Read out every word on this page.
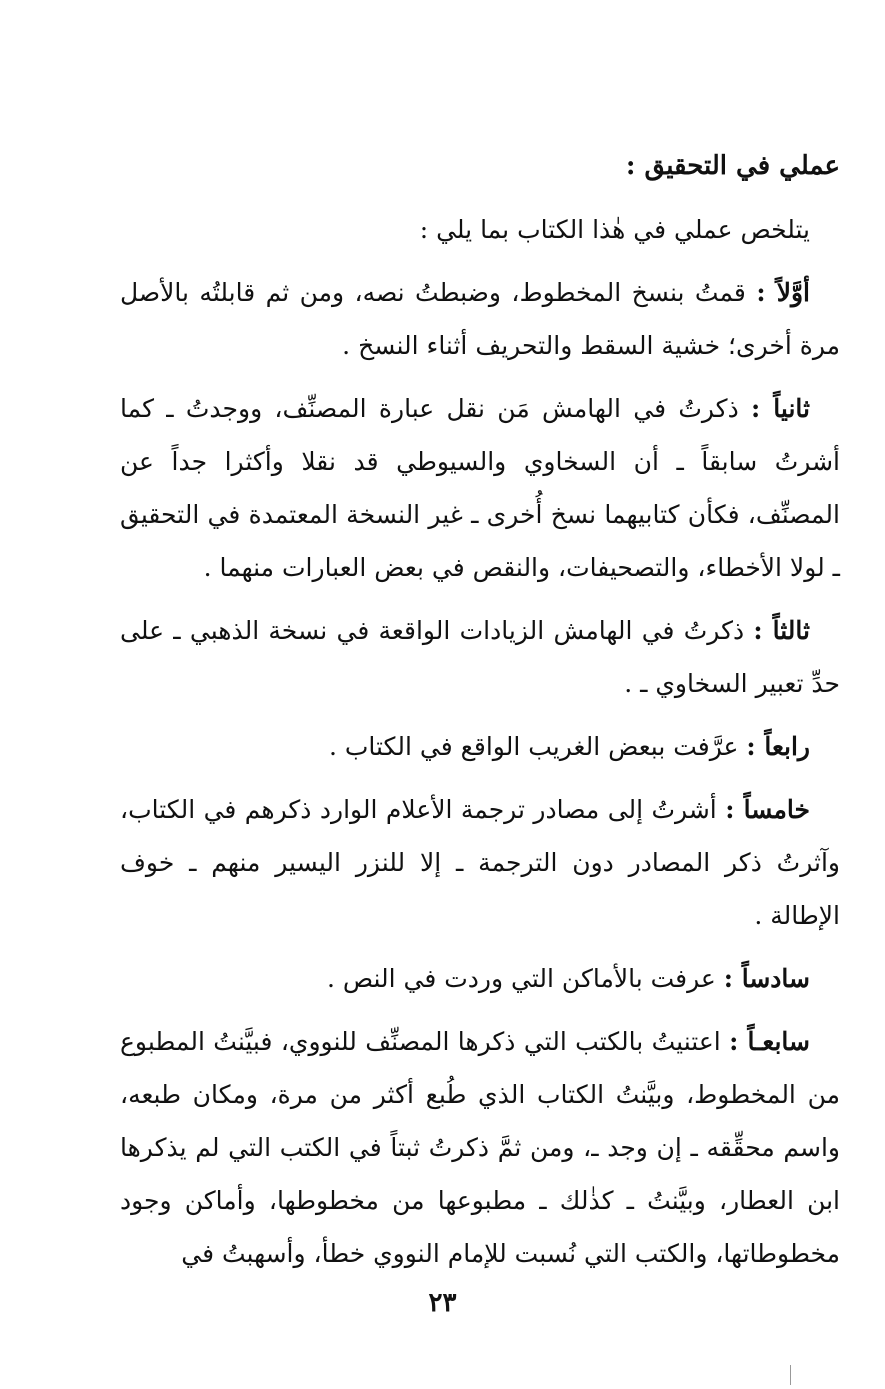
عملي في التحقيق :

يتلخص عملي في هٰذا الكتاب بما يلي :

أوَّلاً : قمتُ بنسخ المخطوط، وضبطتُ نصه، ومن ثم قابلتُه بالأصل مرة أخرى؛ خشية السقط والتحريف أثناء النسخ .

ثانياً : ذكرتُ في الهامش مَن نقل عبارة المصنِّف، ووجدتُ ـ كما أشرتُ سابقاً ـ أن السخاوي والسيوطي قد نقلا وأكثرا جداً عن المصنِّف، فكأن كتابيهما نسخ أُخرى ـ غير النسخة المعتمدة في التحقيق ـ لولا الأخطاء، والتصحيفات، والنقص في بعض العبارات منهما .

ثالثاً : ذكرتُ في الهامش الزيادات الواقعة في نسخة الذهبي ـ على حدِّ تعبير السخاوي ـ .

رابعاً : عرَّفت ببعض الغريب الواقع في الكتاب .

خامساً : أشرتُ إلى مصادر ترجمة الأعلام الوارد ذكرهم في الكتاب، وآثرتُ ذكر المصادر دون الترجمة ـ إلا للنزر اليسير منهم ـ خوف الإطالة .

سادساً : عرفت بالأماكن التي وردت في النص .

سابعـاً : اعتنيتُ بالكتب التي ذكرها المصنِّف للنووي، فبيَّنتُ المطبوع من المخطوط، وبيَّنتُ الكتاب الذي طُبع أكثر من مرة، ومكان طبعه، واسم محقِّقه ـ إن وجد ـ، ومن ثمَّ ذكرتُ ثبتاً في الكتب التي لم يذكرها ابن العطار، وبيَّنتُ ـ كذٰلك ـ مطبوعها من مخطوطها، وأماكن وجود مخطوطاتها، والكتب التي نُسبت للإمام النووي خطأ، وأسهبتُ في

٢٣
